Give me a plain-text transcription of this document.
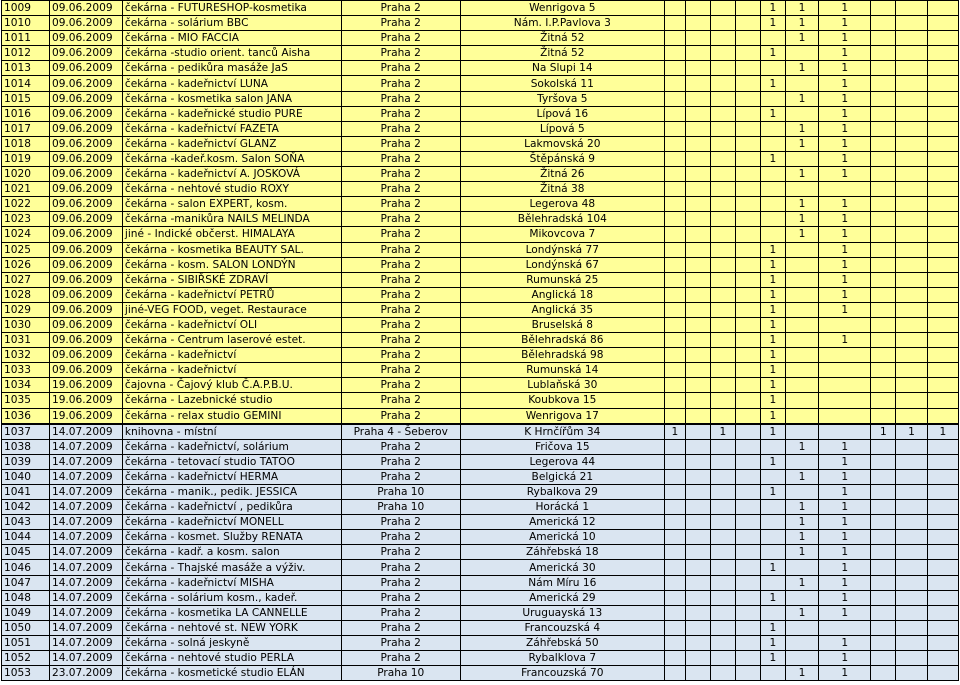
1009	09.06.2009	čekárna - FUTURESHOP-kosmetika	Praha 2	Wenrigova 5					1	1	1			
1010	09.06.2009	čekárna - solárium BBC	Praha 2	Nám. I.P.Pavlova 3					1	1	1			
1011	09.06.2009	čekárna - MIO FACCIA	Praha 2	Žitná 52						1	1			
1012	09.06.2009	čekárna -studio orient. tanců Aisha	Praha 2	Žitná 52					1		1			
1013	09.06.2009	čekárna - pedikůra masáže JaS	Praha 2	Na Slupi 14						1	1			
1014	09.06.2009	čekárna - kadeřnictví LUNA	Praha 2	Sokolská 11					1		1			
1015	09.06.2009	čekárna - kosmetika salon JANA	Praha 2	Tyršova 5						1	1			
1016	09.06.2009	čekárna - kadeřnické studio PURE	Praha 2	Lípová 16					1		1			
1017	09.06.2009	čekárna - kadeřnictví FAZETA	Praha 2	Lípová 5						1	1			
1018	09.06.2009	čekárna - kadeřnictví GLANZ	Praha 2	Lakmovská 20						1	1			
1019	09.06.2009	čekárna -kadeř.kosm. Salon SOŇA	Praha 2	Štěpánská 9					1		1			
1020	09.06.2009	čekárna - kadeřnictví A. JOSKOVÁ	Praha 2	Žitná 26						1	1			
1021	09.06.2009	čekárna - nehtové studio ROXY	Praha 2	Žitná 38										
1022	09.06.2009	čekárna - salon EXPERT, kosm.	Praha 2	Legerova 48						1	1			
1023	09.06.2009	čekárna -manikůra NAILS MELINDA	Praha 2	Bělehradská 104						1	1			
1024	09.06.2009	jiné - Indické občerst. HIMALAYA	Praha 2	Mikovcova 7						1	1			
1025	09.06.2009	čekárna - kosmetika BEAUTY SAL.	Praha 2	Londýnská 77					1		1			
1026	09.06.2009	čekárna - kosm. SALON LONDÝN	Praha 2	Londýnská 67					1		1			
1027	09.06.2009	čekárna - SIBIŘSKÉ ZDRAVÍ	Praha 2	Rumunská 25					1		1			
1028	09.06.2009	čekárna - kadeřnictví PETRŮ	Praha 2	Anglická 18					1		1			
1029	09.06.2009	jiné-VEG FOOD, veget. Restaurace	Praha 2	Anglická 35					1		1			
1030	09.06.2009	čekárna - kadeřnictví OLI	Praha 2	Bruselská 8					1					
1031	09.06.2009	čekárna - Centrum laserové estet.	Praha 2	Bělehradská 86					1		1			
1032	09.06.2009	čekárna - kadeřnictví	Praha 2	Bělehradská 98					1					
1033	09.06.2009	čekárna - kadeřnictví	Praha 2	Rumunská 14					1					
1034	19.06.2009	čajovna - Čajový klub Č.A.P.B.U.	Praha 2	Lublaňská 30					1					
1035	19.06.2009	čekárna - Lazebnické studio	Praha 2	Koubkova 15					1					
1036	19.06.2009	čekárna - relax studio GEMINI	Praha 2	Wenrigova 17					1					
1037	14.07.2009	knihovna - místní	Praha 4 - Šeberov	K Hrnčířům 34	1		1		1			1	1	1
1038	14.07.2009	čekárna - kadeřnictví, solárium	Praha 2	Fričova 15						1	1			
1039	14.07.2009	čekárna - tetovací studio TATOO	Praha 2	Legerova 44					1		1			
1040	14.07.2009	čekárna - kadeřnictví HERMA	Praha 2	Belgická 21						1	1			
1041	14.07.2009	čekárna - manik., pedik. JESSICA	Praha 10	Rybalkova 29					1		1			
1042	14.07.2009	čekárna - kadeřnictví , pedikůra	Praha 10	Horácká 1						1	1			
1043	14.07.2009	čekárna - kadeřnictví MONELL	Praha 2	Americká 12						1	1			
1044	14.07.2009	čekárna - kosmet. Služby RENATA	Praha 2	Americká 10						1	1			
1045	14.07.2009	čekárna - kadř. a kosm. salon	Praha 2	Záhřebská 18						1	1			
1046	14.07.2009	čekárna - Thajské masáže a výživ.	Praha 2	Americká 30					1		1			
1047	14.07.2009	čekárna - kadeřnictví MISHA	Praha 2	Nám Míru 16						1	1			
1048	14.07.2009	čekárna - solárium kosm., kadeř.	Praha 2	Americká 29					1		1			
1049	14.07.2009	čekárna - kosmetika LA CANNELLE	Praha 2	Uruguayská 13						1	1			
1050	14.07.2009	čekárna - nehtové st. NEW YORK	Praha 2	Francouzská 4					1					
1051	14.07.2009	čekárna - solná jeskyně	Praha 2	Záhřebská 50					1		1			
1052	14.07.2009	čekárna - nehtové studio PERLA	Praha 2	Rybalklova 7					1		1			
1053	23.07.2009	čekárna - kosmetické studio ELÁN	Praha 10	Francouzská 70						1	1			
